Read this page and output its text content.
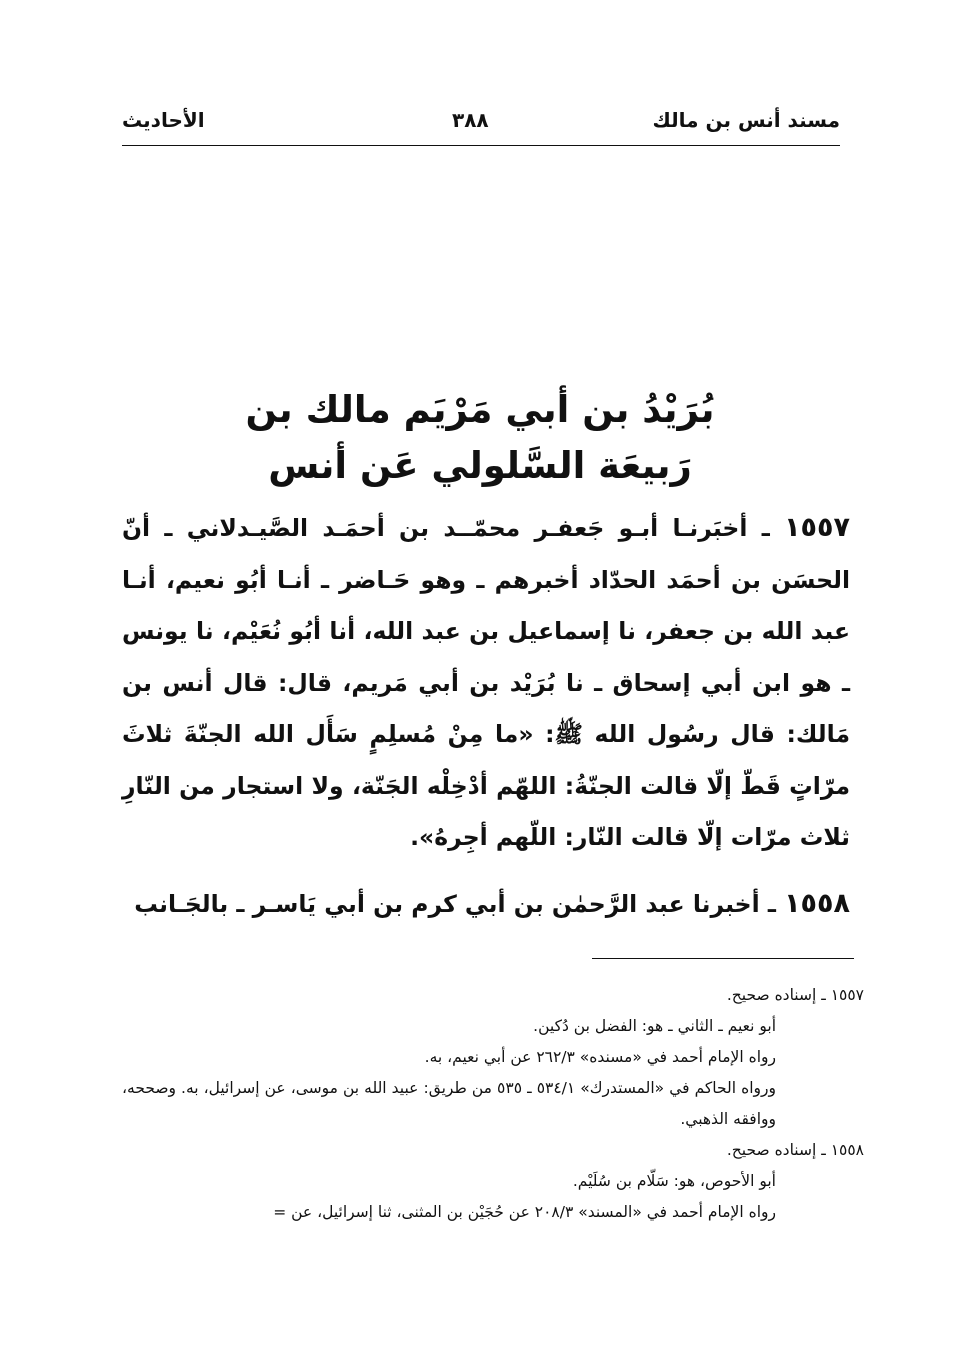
مسند أنس بن مالك
٣٨٨
الأحاديث
بُرَيْدُ بن أبي مَرْيَم مالك بن
رَبيعَة السَّلولي عَن أنس

١٥٥٧ ـ أخبَرنـا أبـو جَعفـر محمّــد بن أحمَـد الصَّيـدلاني ـ أنّ الحسَن بن أحمَد الحدّاد أخبرهم ـ وهو حَـاضر ـ أنـا أبُو نعيم، أنـا عبد الله بن جعفر، نا إسماعيل بن عبد الله، أنا أبُو نُعَيْم، نا يونس ـ هو ابن أبي إسحاق ـ نا بُرَيْد بن أبي مَريم، قال: قال أنس بن مَالك: قال رسُول الله ﷺ: «ما مِنْ مُسلِمٍ سَأَل الله الجنّةَ ثلاثَ مرّاتٍ قَطّ إلّا قالت الجنّةُ: اللهّم أدْخِلْه الجَنّة، ولا استجار من النّارِ ثلاث مرّات إلّا قالت النّار: اللّهم أجِرهُ».

١٥٥٨ ـ أخبرنا عبد الرَّحمٰن بن أبي كرم بن أبي يَاسـر ـ بالجَـانب

١٥٥٧ ـ إسناده صحيح.

أبو نعيم ـ الثاني ـ هو: الفضل بن دُكين.

رواه الإمام أحمد في «مسنده» ٢٦٢/٣ عن أبي نعيم، به.

ورواه الحاكم في «المستدرك» ٥٣٤/١ ـ ٥٣٥ من طريق: عبيد الله بن موسى، عن إسرائيل، به. وصححه، ووافقه الذهبي.

١٥٥٨ ـ إسناده صحيح.

أبو الأحوص، هو: سَلّام بن سُلَيْم.

رواه الإمام أحمد في «المسند» ٢٠٨/٣ عن حُجَيْن بن المثنى، ثنا إسرائيل، عن =
